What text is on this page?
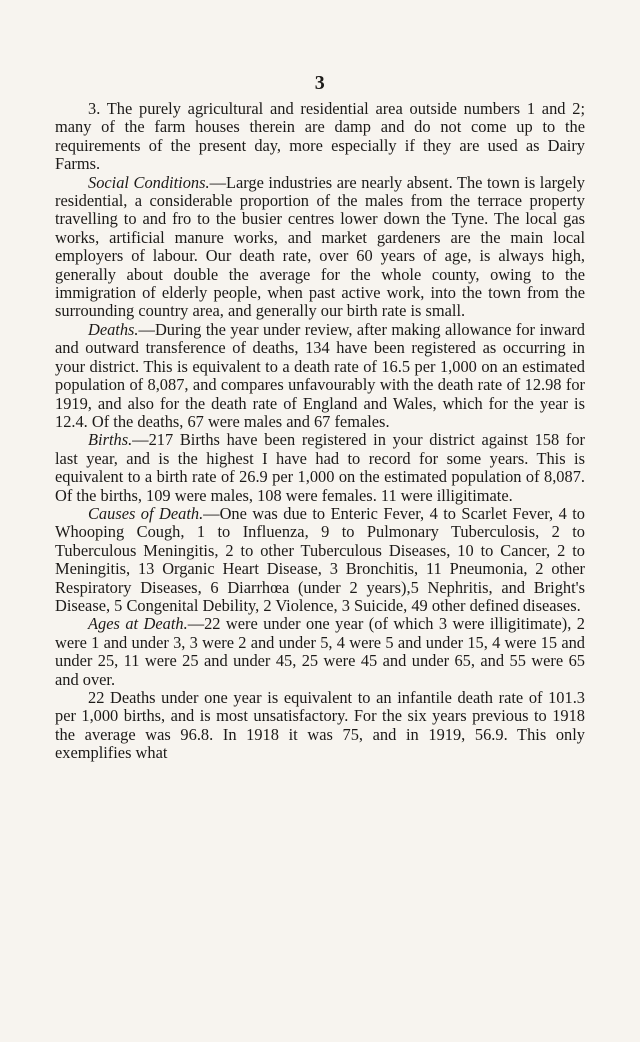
3

3. The purely agricultural and residential area outside numbers 1 and 2; many of the farm houses therein are damp and do not come up to the requirements of the present day, more especially if they are used as Dairy Farms.

Social Conditions.—Large industries are nearly absent. The town is largely residential, a considerable proportion of the males from the terrace property travelling to and fro to the busier centres lower down the Tyne. The local gas works, artificial manure works, and market gardeners are the main local employers of labour. Our death rate, over 60 years of age, is always high, generally about double the average for the whole county, owing to the immigration of elderly people, when past active work, into the town from the surrounding country area, and generally our birth rate is small.

Deaths.—During the year under review, after making allowance for inward and outward transference of deaths, 134 have been registered as occurring in your district. This is equivalent to a death rate of 16.5 per 1,000 on an estimated population of 8,087, and compares unfavourably with the death rate of 12.98 for 1919, and also for the death rate of England and Wales, which for the year is 12.4. Of the deaths, 67 were males and 67 females.

Births.—217 Births have been registered in your district against 158 for last year, and is the highest I have had to record for some years. This is equivalent to a birth rate of 26.9 per 1,000 on the estimated population of 8,087. Of the births, 109 were males, 108 were females. 11 were illigitimate.

Causes of Death.—One was due to Enteric Fever, 4 to Scarlet Fever, 4 to Whooping Cough, 1 to Influenza, 9 to Pulmonary Tuberculosis, 2 to Tuberculous Meningitis, 2 to other Tuberculous Diseases, 10 to Cancer, 2 to Meningitis, 13 Organic Heart Disease, 3 Bronchitis, 11 Pneumonia, 2 other Respiratory Diseases, 6 Diarrhœa (under 2 years),5 Nephritis, and Bright's Disease, 5 Congenital Debility, 2 Violence, 3 Suicide, 49 other defined diseases.

Ages at Death.—22 were under one year (of which 3 were illigitimate), 2 were 1 and under 3, 3 were 2 and under 5, 4 were 5 and under 15, 4 were 15 and under 25, 11 were 25 and under 45, 25 were 45 and under 65, and 55 were 65 and over.

22 Deaths under one year is equivalent to an infantile death rate of 101.3 per 1,000 births, and is most unsatisfactory. For the six years previous to 1918 the average was 96.8. In 1918 it was 75, and in 1919, 56.9. This only exemplifies what
